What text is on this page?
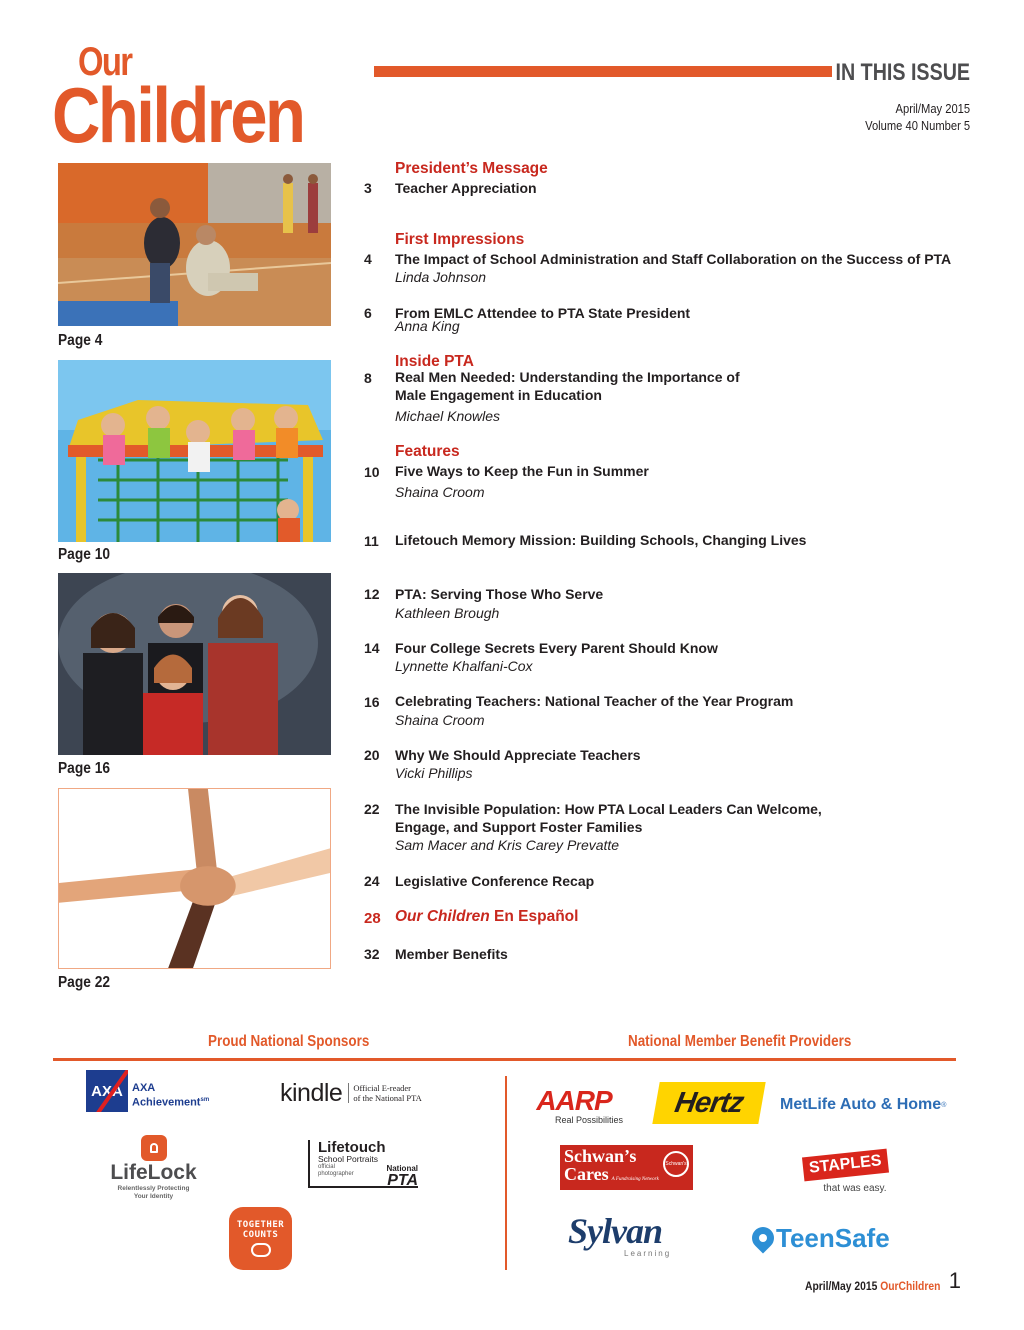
Our
Children	IN THIS ISSUE
April/May 2015
Volume 40 Number 5
Page 4
Page 10
Page 16
Page 22
President’s Message
3	Teacher Appreciation
First Impressions
4	The Impact of School Administration and Staff Collaboration on the Success of PTA
Linda Johnson
6	From EMLC Attendee to PTA State President
Anna King
Inside PTA
8	Real Men Needed: Understanding the Importance of
Male Engagement in Education
Michael Knowles
Features
10	Five Ways to Keep the Fun in Summer
Shaina Croom
11	Lifetouch Memory Mission: Building Schools, Changing Lives
12	PTA: Serving Those Who Serve
Kathleen Brough
14	Four College Secrets Every Parent Should Know
Lynnette Khalfani-Cox
16	Celebrating Teachers: National Teacher of the Year Program
Shaina Croom
20	Why We Should Appreciate Teachers
Vicki Phillips
22	The Invisible Population: How PTA Local Leaders Can Welcome,
Engage, and Support Foster Families
Sam Macer and Kris Carey Prevatte
24	Legislative Conference Recap
28 Our Children En Español
32	Member Benefits
Proud National Sponsors	National Member Benefit Providers
AXA AXA
Achievement$^{sm}$	kindle Official E-reader
of the National PTA
LifeLock
Relentlessly Protecting
Your Identity
Lifetouch
School Portraits
official
photographer
National
PTA
TOGETHER
COUNTS
AARP
Real Possibilities
Hertz MetLife Auto & Home ®
Schwan’s
Cares A Fundraising Network
Schwan's	STAPLES
that was easy.
Sylvan
Learning
TeenSafe
April/May 2015 OurChildren 1
